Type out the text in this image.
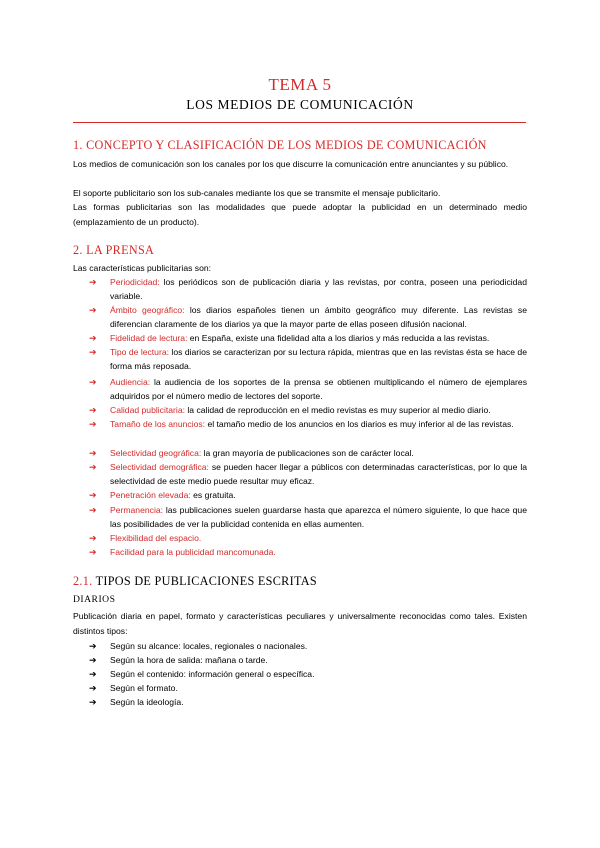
TEMA 5
LOS MEDIOS DE COMUNICACIÓN
1. CONCEPTO Y CLASIFICACIÓN DE LOS MEDIOS DE COMUNICACIÓN
Los medios de comunicación son los canales por los que discurre la comunicación entre anunciantes y su público.
El soporte publicitario son los sub-canales mediante los que se transmite el mensaje publicitario.
Las formas publicitarias son las modalidades que puede adoptar la publicidad en un determinado medio (emplazamiento de un producto).
2. LA PRENSA
Las características publicitarias son:
➔ Periodicidad: los periódicos son de publicación diaria y las revistas, por contra, poseen una periodicidad variable.
➔ Ámbito geográfico: los diarios españoles tienen un ámbito geográfico muy diferente. Las revistas se diferencian claramente de los diarios ya que la mayor parte de ellas poseen difusión nacional.
➔ Fidelidad de lectura: en España, existe una fidelidad alta a los diarios y más reducida a las revistas.
➔ Tipo de lectura: los diarios se caracterizan por su lectura rápida, mientras que en las revistas ésta se hace de forma más reposada.
➔ Audiencia: la audiencia de los soportes de la prensa se obtienen multiplicando el número de ejemplares adquiridos por el número medio de lectores del soporte.
➔ Calidad publicitaria: la calidad de reproducción en el medio revistas es muy superior al medio diario.
➔ Tamaño de los anuncios: el tamaño medio de los anuncios en los diarios es muy inferior al de las revistas.
➔ Selectividad geográfica: la gran mayoría de publicaciones son de carácter local.
➔ Selectividad demográfica: se pueden hacer llegar a públicos con determinadas características, por lo que la selectividad de este medio puede resultar muy eficaz.
➔ Penetración elevada: es gratuita.
➔ Permanencia: las publicaciones suelen guardarse hasta que aparezca el número siguiente, lo que hace que las posibilidades de ver la publicidad contenida en ellas aumenten.
➔ Flexibilidad del espacio.
➔ Facilidad para la publicidad mancomunada.
2.1. TIPOS DE PUBLICACIONES ESCRITAS
DIARIOS
Publicación diaria en papel, formato y características peculiares y universalmente reconocidas como tales. Existen distintos tipos:
➔ Según su alcance: locales, regionales o nacionales.
➔ Según la hora de salida: mañana o tarde.
➔ Según el contenido: información general o específica.
➔ Según el formato.
➔ Según la ideología.
